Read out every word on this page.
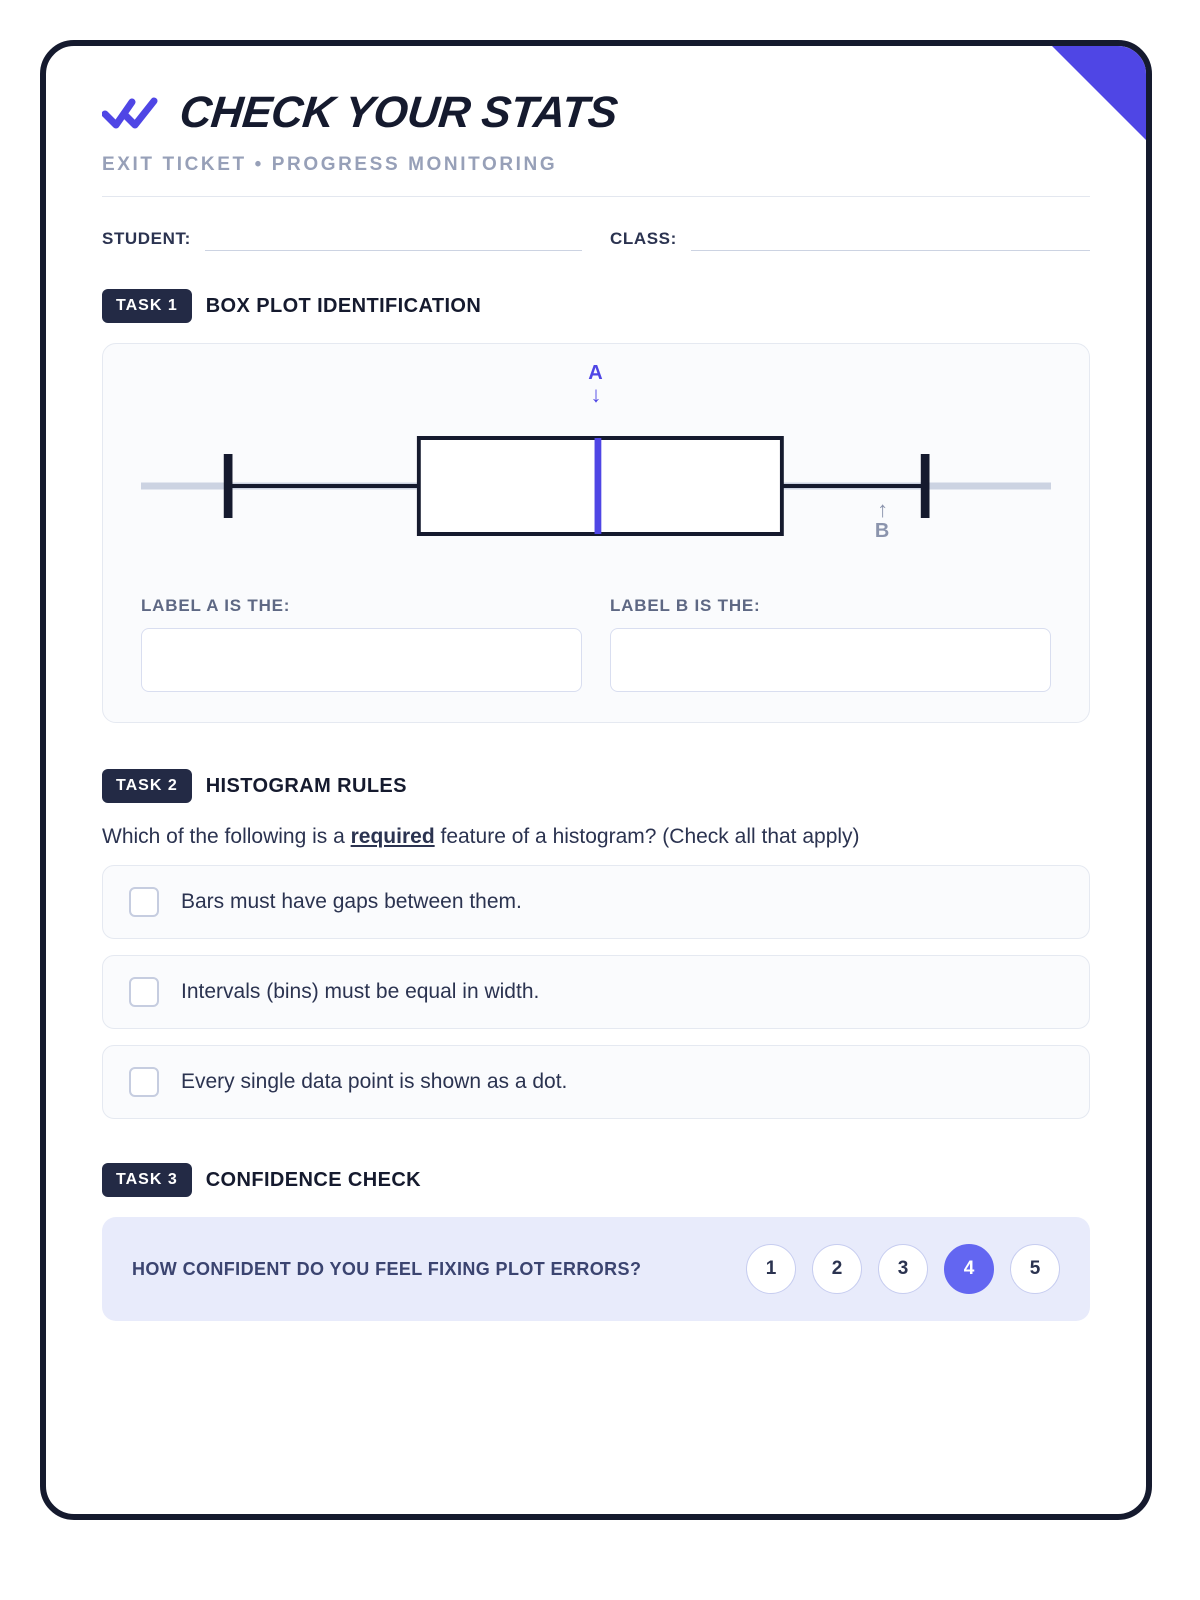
CHECK YOUR STATS
EXIT TICKET • PROGRESS MONITORING
STUDENT:	CLASS:
TASK 1	BOX PLOT IDENTIFICATION
A
↓
↑
B
LABEL A IS THE:	LABEL B IS THE:
TASK 2	HISTOGRAM RULES
Which of the following is a required feature of a histogram? (Check all that apply)
Bars must have gaps between them.
Intervals (bins) must be equal in width.
Every single data point is shown as a dot.
TASK 3	CONFIDENCE CHECK
HOW CONFIDENT DO YOU FEEL FIXING PLOT ERRORS?	1	2	3	4	5
